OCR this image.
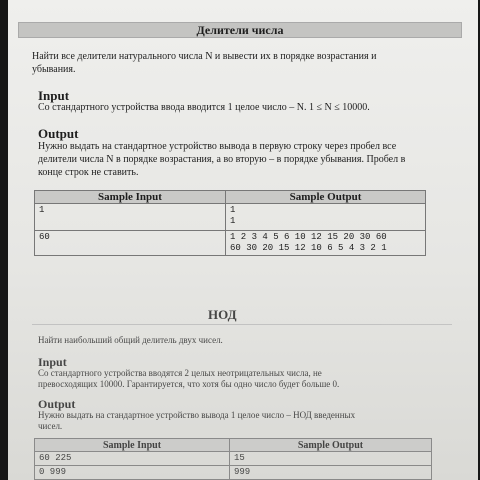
Делители числа
Найти все делители натурального числа N и вывести их в порядке возрастания и
убывания.
Input
Со стандартного устройства ввода вводится 1 целое число – N. 1 ≤ N ≤ 10000.
Output
Нужно выдать на стандартное устройство вывода в первую строку через пробел все
делители числа N в порядке возрастания, а во вторую – в порядке убывания. Пробел в
конце строк не ставить.
Sample Input	Sample Output
1	1
1

60	1 2 3 4 5 6 10 12 15 20 30 60
60 30 20 15 12 10 6 5 4 3 2 1
НОД
Найти наибольший общий делитель двух чисел.
Input
Со стандартного устройства вводятся 2 целых неотрицательных числа, не
превосходящих 10000. Гарантируется, что хотя бы одно число будет больше 0.
Output
Нужно выдать на стандартное устройство вывода 1 целое число – НОД введенных
чисел.
Sample Input	Sample Output
60 225	15
0 999	999
